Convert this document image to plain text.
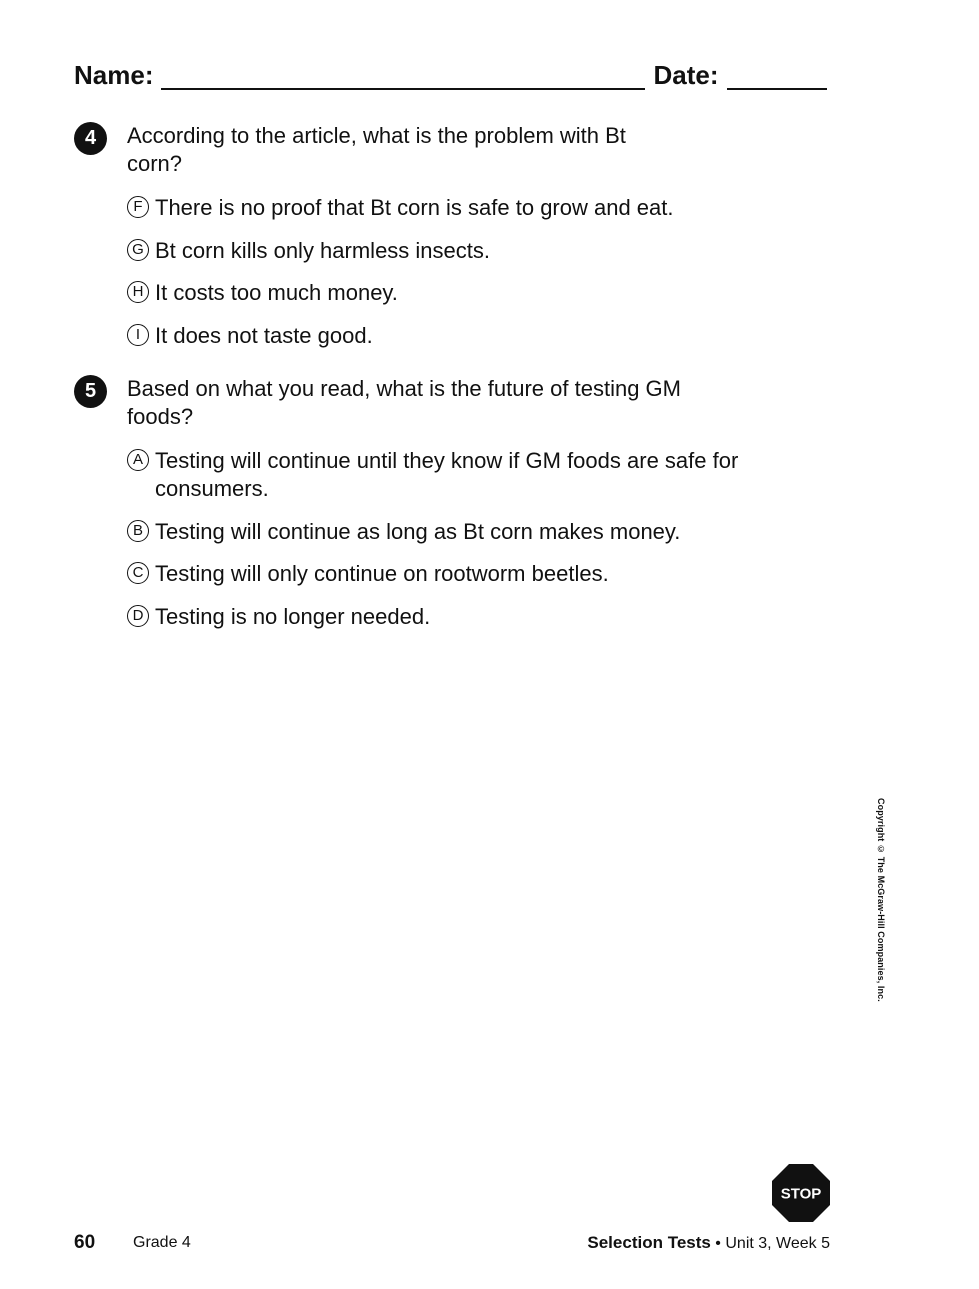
Name:	Date:
4	According to the article, what is the problem with Bt corn?
F There is no proof that Bt corn is safe to grow and eat.
G Bt corn kills only harmless insects.
H It costs too much money.
I It does not taste good.
5	Based on what you read, what is the future of testing GM foods?
A Testing will continue until they know if GM foods are safe for consumers.
B Testing will continue as long as Bt corn makes money.
C Testing will only continue on rootworm beetles.
D Testing is no longer needed.
Copyright © The McGraw-Hill Companies, Inc.
STOP
60 Grade 4	Selection Tests • Unit 3, Week 5
